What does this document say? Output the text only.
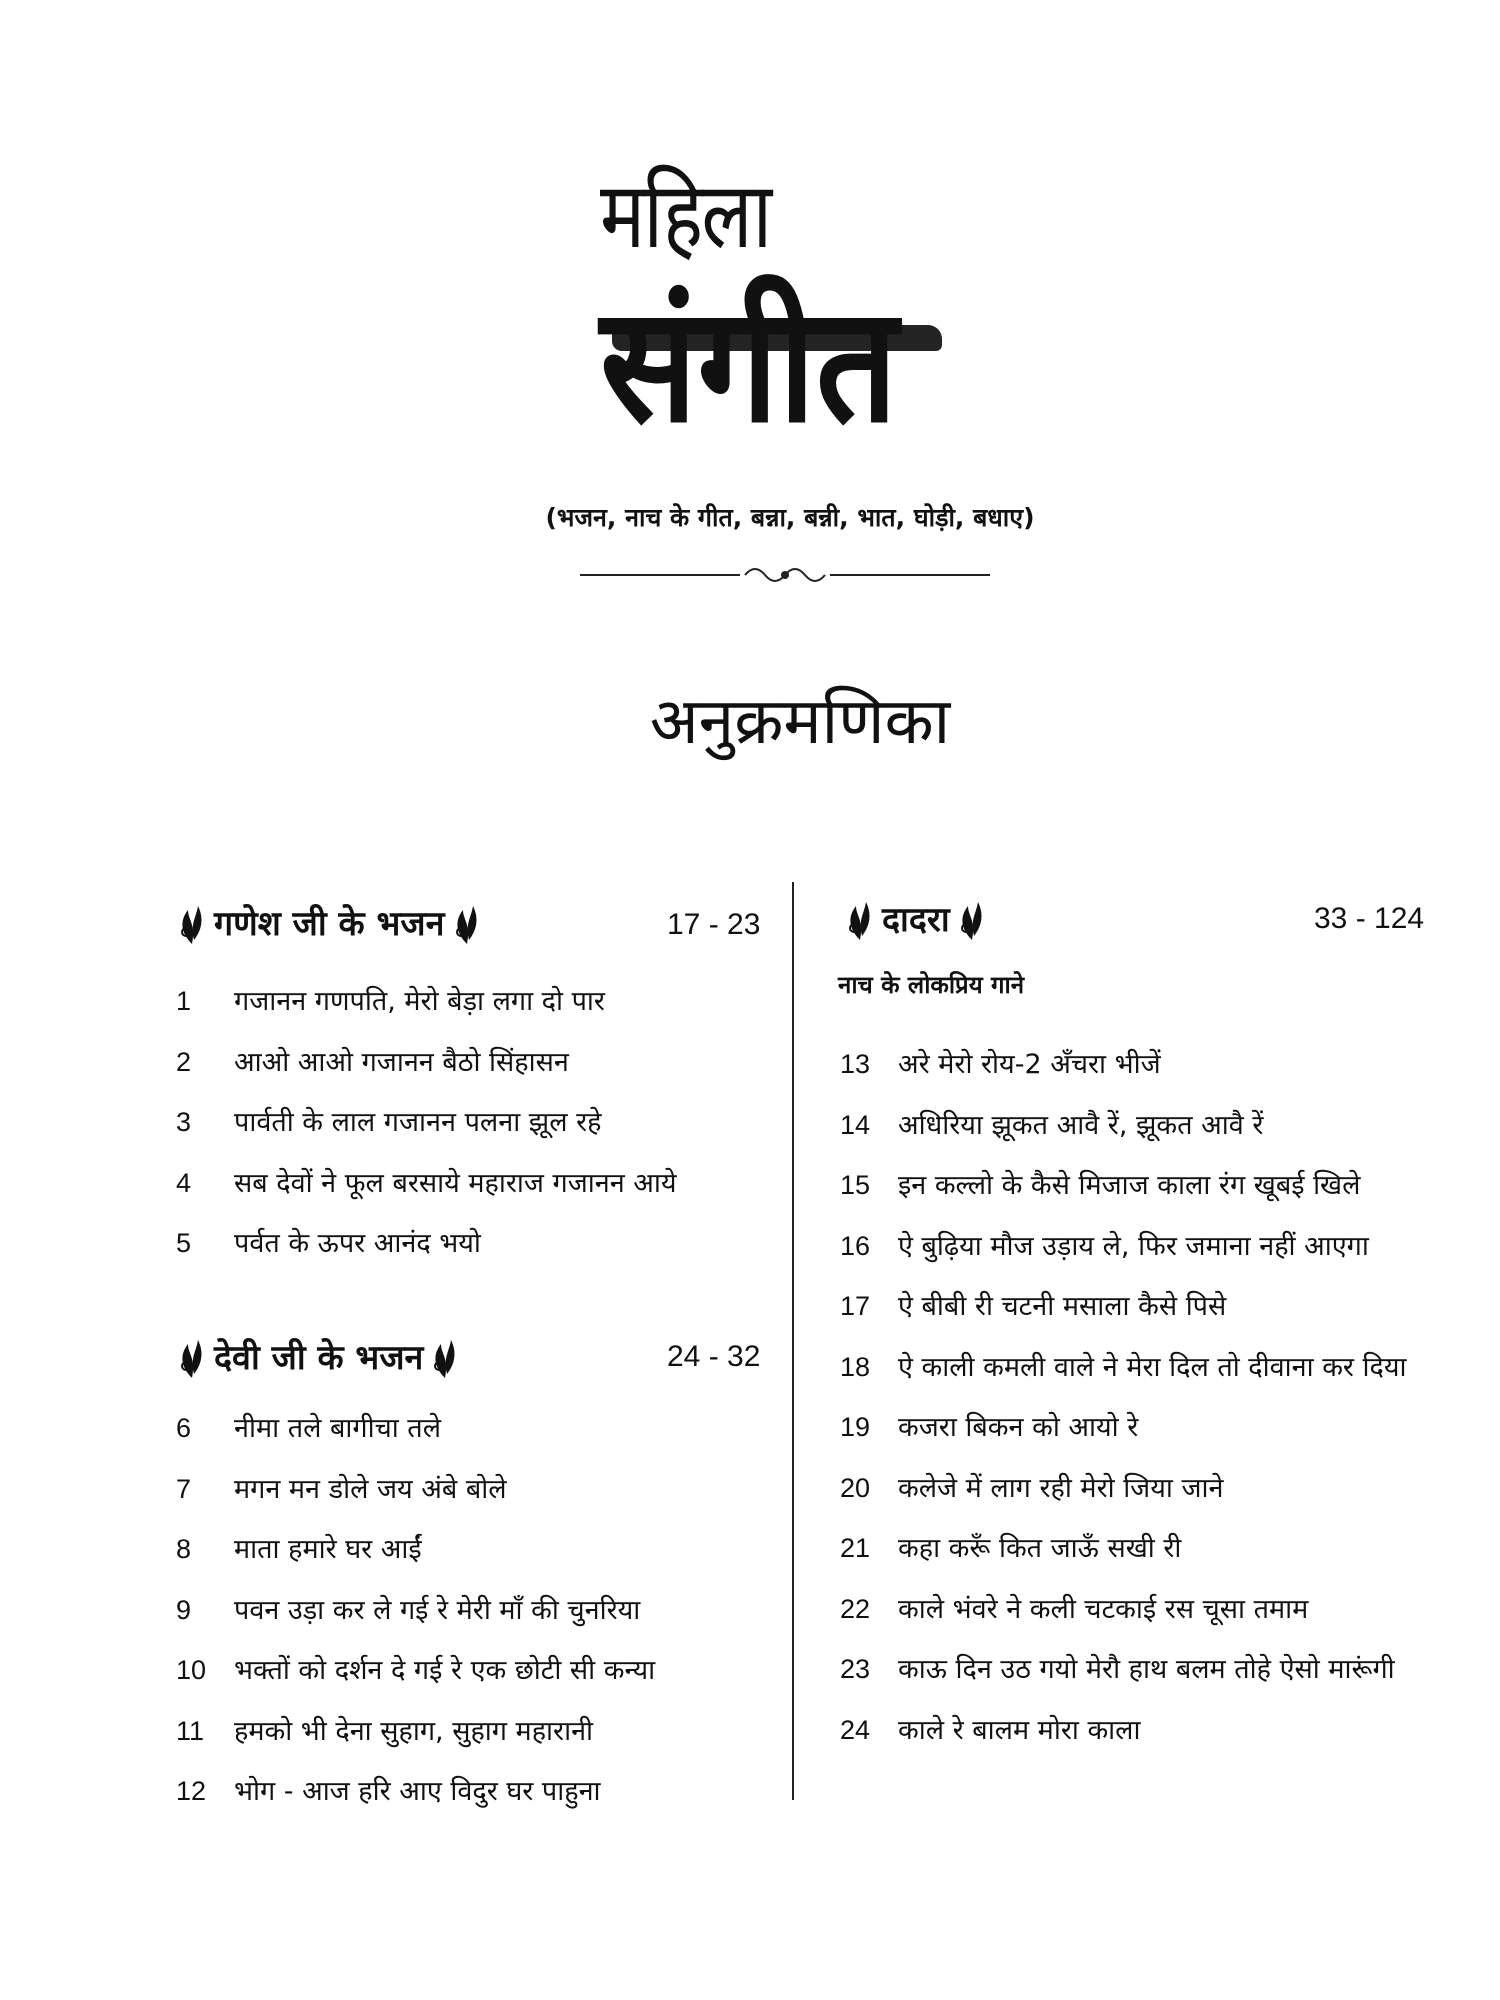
महिला
संगीत
(भजन, नाच के गीत, बन्ना, बन्नी, भात, घोड़ी, बधाए)
अनुक्रमणिका
गणेश जी के भजन	17 - 23
1 गजानन गणपति, मेरो बेड़ा लगा दो पार
2 आओ आओ गजानन बैठो सिंहासन
3 पार्वती के लाल गजानन पलना झूल रहे
4 सब देवों ने फूल बरसाये महाराज गजानन आये
5 पर्वत के ऊपर आनंद भयो
देवी जी के भजन	24 - 32
6 नीमा तले बागीचा तले
7 मगन मन डोले जय अंबे बोले
8 माता हमारे घर आईं
9 पवन उड़ा कर ले गई रे मेरी माँ की चुनरिया
10 भक्तों को दर्शन दे गई रे एक छोटी सी कन्या
11 हमको भी देना सुहाग, सुहाग महारानी
12 भोग - आज हरि आए विदुर घर पाहुना
दादरा	33 - 124
नाच के लोकप्रिय गाने
13 अरे मेरो रोय-2 अँचरा भीजें
14 अधिरिया झूकत आवै रें, झूकत आवै रें
15 इन कल्लो के कैसे मिजाज काला रंग खूबई खिले
16 ऐ बुढ़िया मौज उड़ाय ले, फिर जमाना नहीं आएगा
17 ऐ बीबी री चटनी मसाला कैसे पिसे
18 ऐ काली कमली वाले ने मेरा दिल तो दीवाना कर दिया
19 कजरा बिकन को आयो रे
20 कलेजे में लाग रही मेरो जिया जाने
21 कहा करूँ कित जाऊँ सखी री
22 काले भंवरे ने कली चटकाई रस चूसा तमाम
23 काऊ दिन उठ गयो मेरौ हाथ बलम तोहे ऐसो मारूंगी
24 काले रे बालम मोरा काला
